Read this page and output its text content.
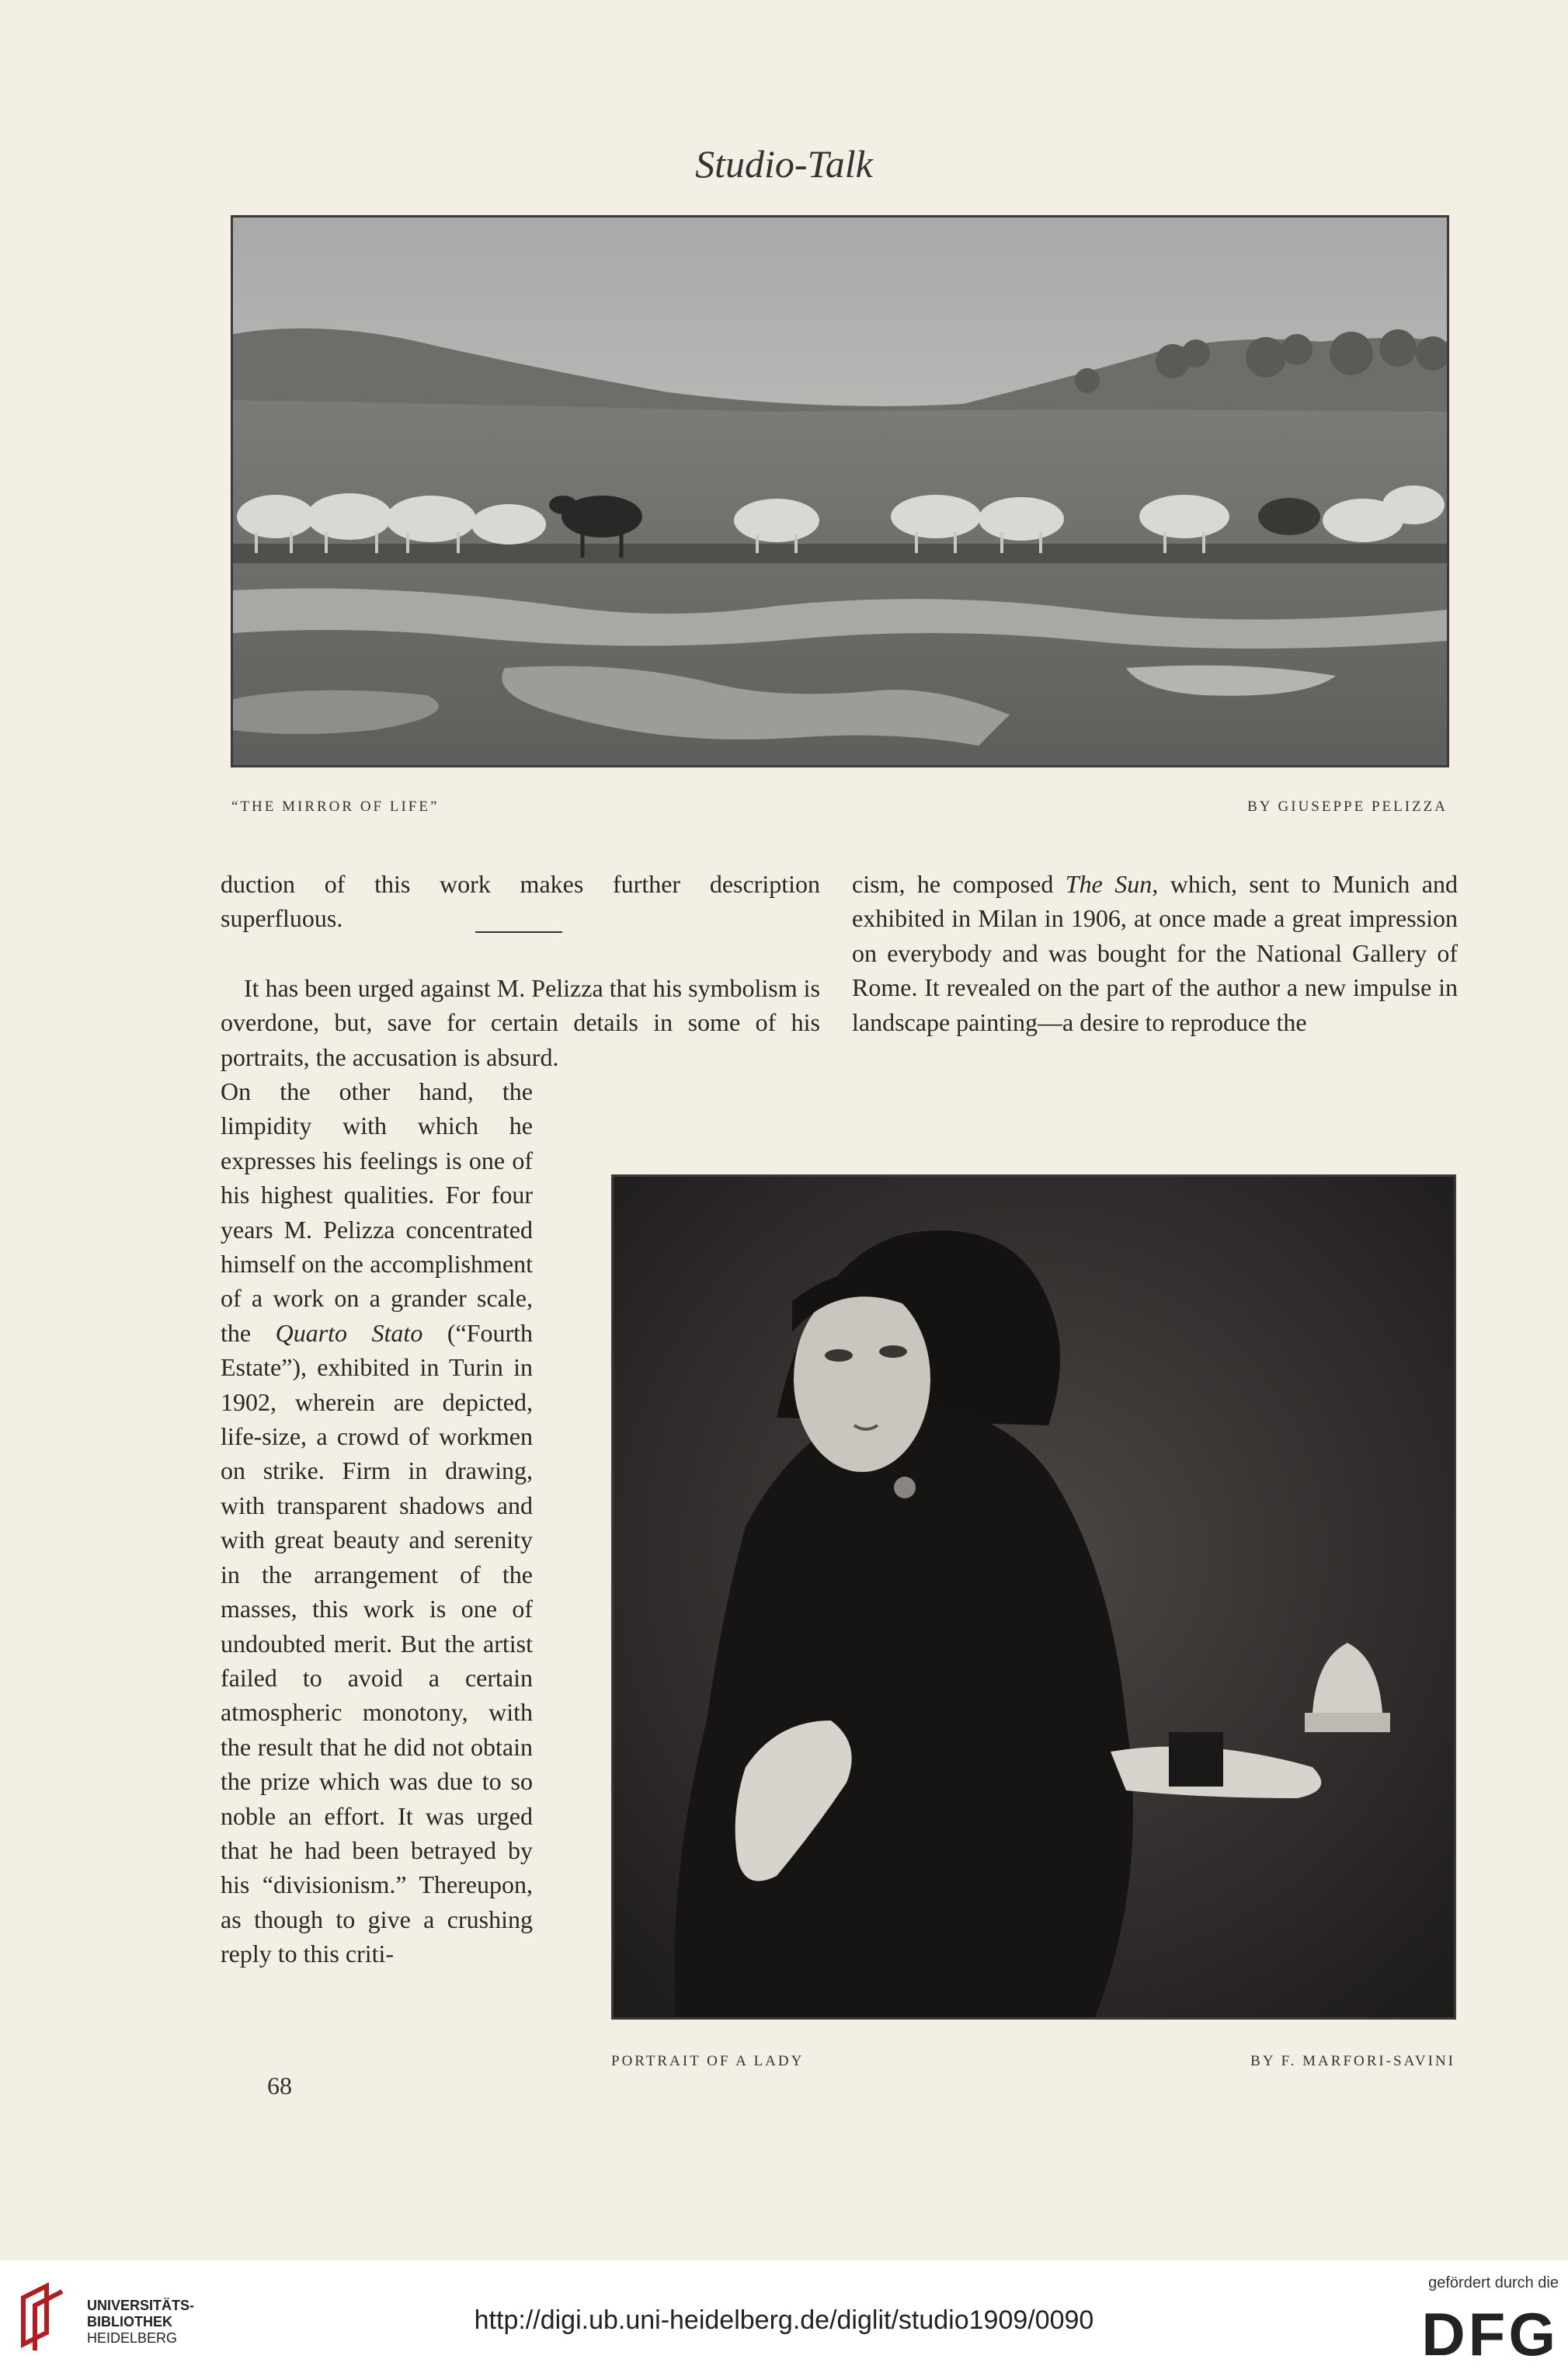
Studio-Talk
“THE MIRROR OF LIFE”	BY GIUSEPPE PELIZZA

duction of this work makes further description

superfluous.

It has been urged against M. Pelizza that his symbolism is overdone, but, save for certain details in some of his portraits, the accusation is absurd.

On the other hand, the limpidity with which he expresses his feelings is one of his highest qualities. For four years M. Pelizza concentrated himself on the accomplishment of a work on a grander scale, the Quarto Stato (“Fourth Estate”), exhibited in Turin in 1902, wherein are depicted, life-size, a crowd of workmen on strike. Firm in drawing, with transparent shadows and with great beauty and serenity in the arrangement of the masses, this work is one of undoubted merit. But the artist failed to avoid a certain atmospheric monotony, with the result that he did not obtain the prize which was due to so noble an effort. It was urged that he had been betrayed by his “divisionism.” Thereupon, as though to give a crushing reply to this criti-

68

cism, he composed The Sun, which, sent to Munich and exhibited in Milan in 1906, at once made a great impression on everybody and was bought for the National Gallery of Rome. It revealed on the part of the author a new impulse in landscape painting—a desire to reproduce the

PORTRAIT OF A LADY	BY F. MARFORI-SAVINI
UNIVERSITÄTS-
BIBLIOTHEK
HEIDELBERG
http://digi.ub.uni-heidelberg.de/diglit/studio1909/0090
gefördert durch die
DFG
